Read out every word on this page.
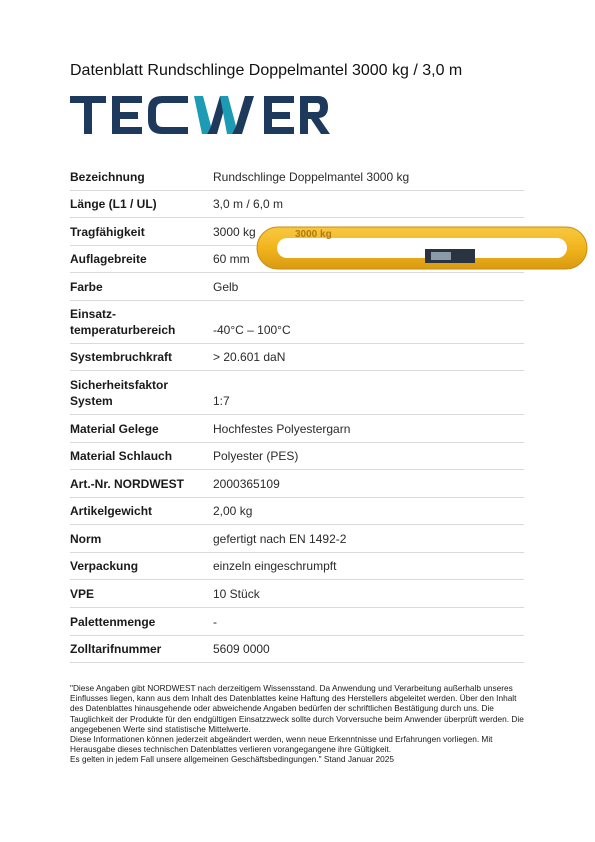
Datenblatt Rundschlinge Doppelmantel 3000 kg / 3,0 m
Bezeichnung	Rundschlinge Doppelmantel 3000 kg
Länge (L1 / UL)	3,0 m / 6,0 m
Tragfähigkeit	3000 kg
Auflagebreite	60 mm
Farbe	Gelb
Einsatz-
temperaturbereich	-40°C – 100°C
Systembruchkraft	> 20.601 daN
Sicherheitsfaktor
System	1:7
Material Gelege	Hochfestes Polyestergarn
Material Schlauch	Polyester (PES)
Art.-Nr. NORDWEST 2000365109
Artikelgewicht	2,00 kg
Norm	gefertigt nach EN 1492-2
Verpackung	einzeln eingeschrumpft
VPE	10 Stück
Palettenmenge	-
Zolltarifnummer	5609 0000
3000 kg

"Diese Angaben gibt NORDWEST nach derzeitigem Wissensstand. Da Anwendung und Verarbeitung außerhalb unseres Einflusses liegen, kann aus dem Inhalt des Datenblattes keine Haftung des Herstellers abgeleitet werden. Über den Inhalt des Datenblattes hinausgehende oder abweichende Angaben bedürfen der schriftlichen Bestätigung durch uns. Die Tauglichkeit der Produkte für den endgültigen Einsatzzweck sollte durch Vorversuche beim Anwender überprüft werden. Die angegebenen Werte sind statistische Mittelwerte.

Diese Informationen können jederzeit abgeändert werden, wenn neue Erkenntnisse und Erfahrungen vorliegen. Mit Herausgabe dieses technischen Datenblattes verlieren vorangegangene ihre Gültigkeit.

Es gelten in jedem Fall unsere allgemeinen Geschäftsbedingungen." Stand Januar 2025
